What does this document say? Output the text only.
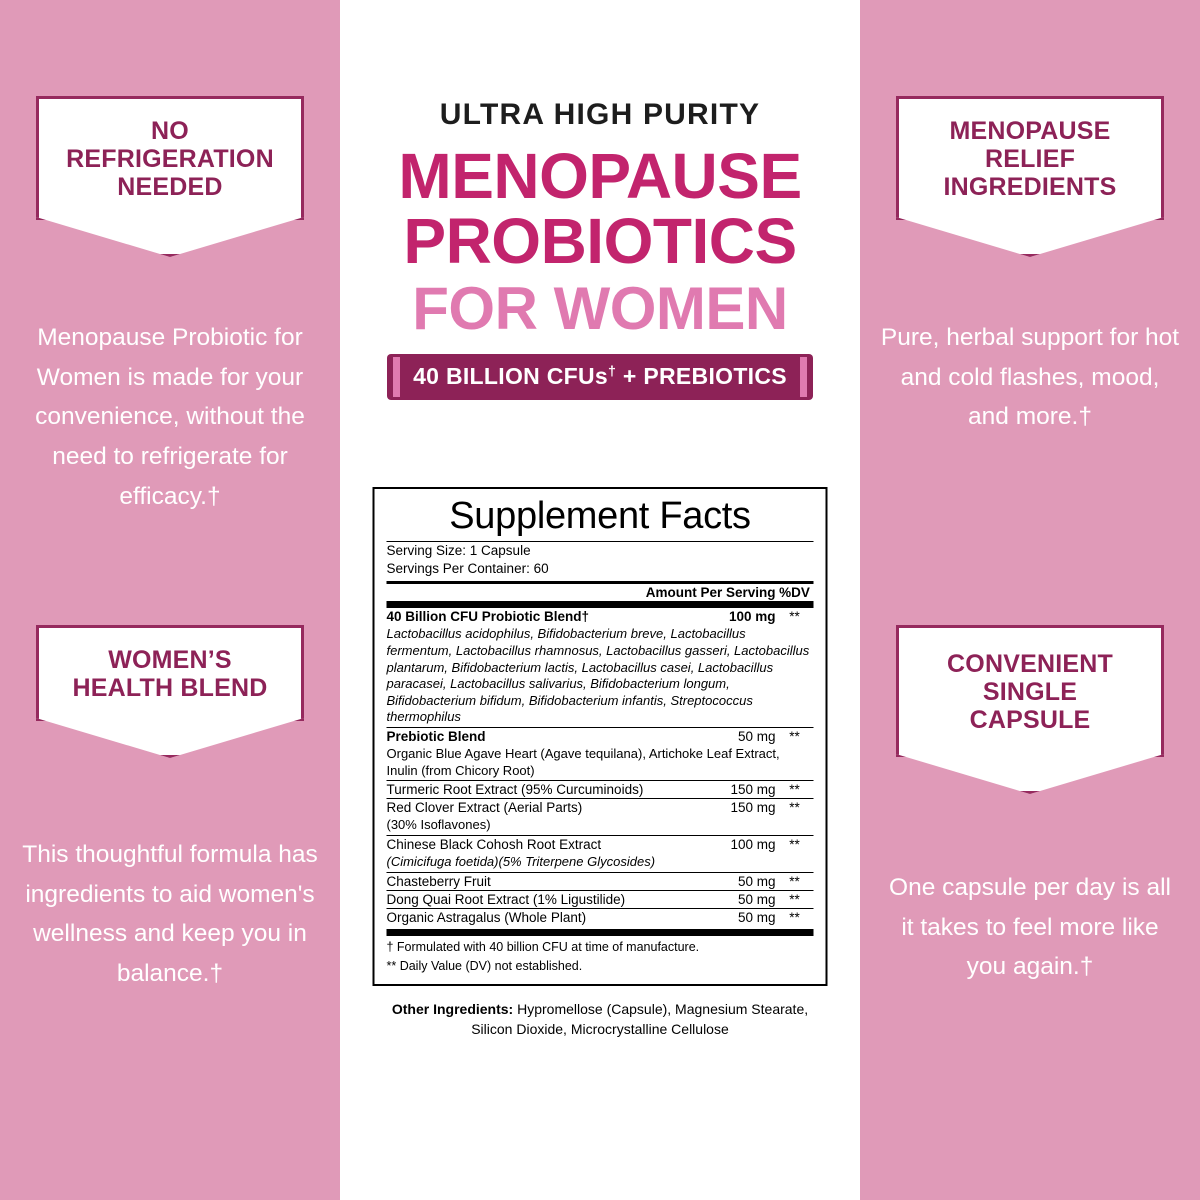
NO
REFRIGERATION
NEEDED
Menopause Probiotic for Women is made for your convenience, without the need to refrigerate for efficacy.†
WOMEN’S
HEALTH BLEND
This thoughtful formula has ingredients to aid women's wellness and keep you in balance.†
ULTRA HIGH PURITY
MENOPAUSE
PROBIOTICS
FOR WOMEN
40 BILLION CFUs† + PREBIOTICS
Supplement Facts
Serving Size: 1 Capsule
Servings Per Container: 60
	Amount Per Serving	%DV
40 Billion CFU Probiotic Blend†	100 mg	**
Lactobacillus acidophilus, Bifidobacterium breve, Lactobacillus fermentum, Lactobacillus rhamnosus, Lactobacillus gasseri, Lactobacillus plantarum, Bifidobacterium lactis, Lactobacillus casei, Lactobacillus paracasei, Lactobacillus salivarius, Bifidobacterium longum, Bifidobacterium bifidum, Bifidobacterium infantis, Streptococcus thermophilus		
Prebiotic Blend	50 mg	**
Organic Blue Agave Heart (Agave tequilana), Artichoke Leaf Extract, Inulin (from Chicory Root)		
Turmeric Root Extract (95% Curcuminoids)	150 mg	**
Red Clover Extract (Aerial Parts)	150 mg	**
(30% Isoflavones)		
Chinese Black Cohosh Root Extract	100 mg	**
(Cimicifuga foetida)(5% Triterpene Glycosides)		
Chasteberry Fruit	50 mg	**
Dong Quai Root Extract (1% Ligustilide)	50 mg	**
Organic Astragalus (Whole Plant)	50 mg	**
† Formulated with 40 billion CFU at time of manufacture.
** Daily Value (DV) not established.
Other Ingredients: Hypromellose (Capsule), Magnesium Stearate, Silicon Dioxide, Microcrystalline Cellulose
MENOPAUSE
RELIEF
INGREDIENTS
Pure, herbal support for hot and cold flashes, mood, and more.†
CONVENIENT
SINGLE
CAPSULE
One capsule per day is all it takes to feel more like you again.†
